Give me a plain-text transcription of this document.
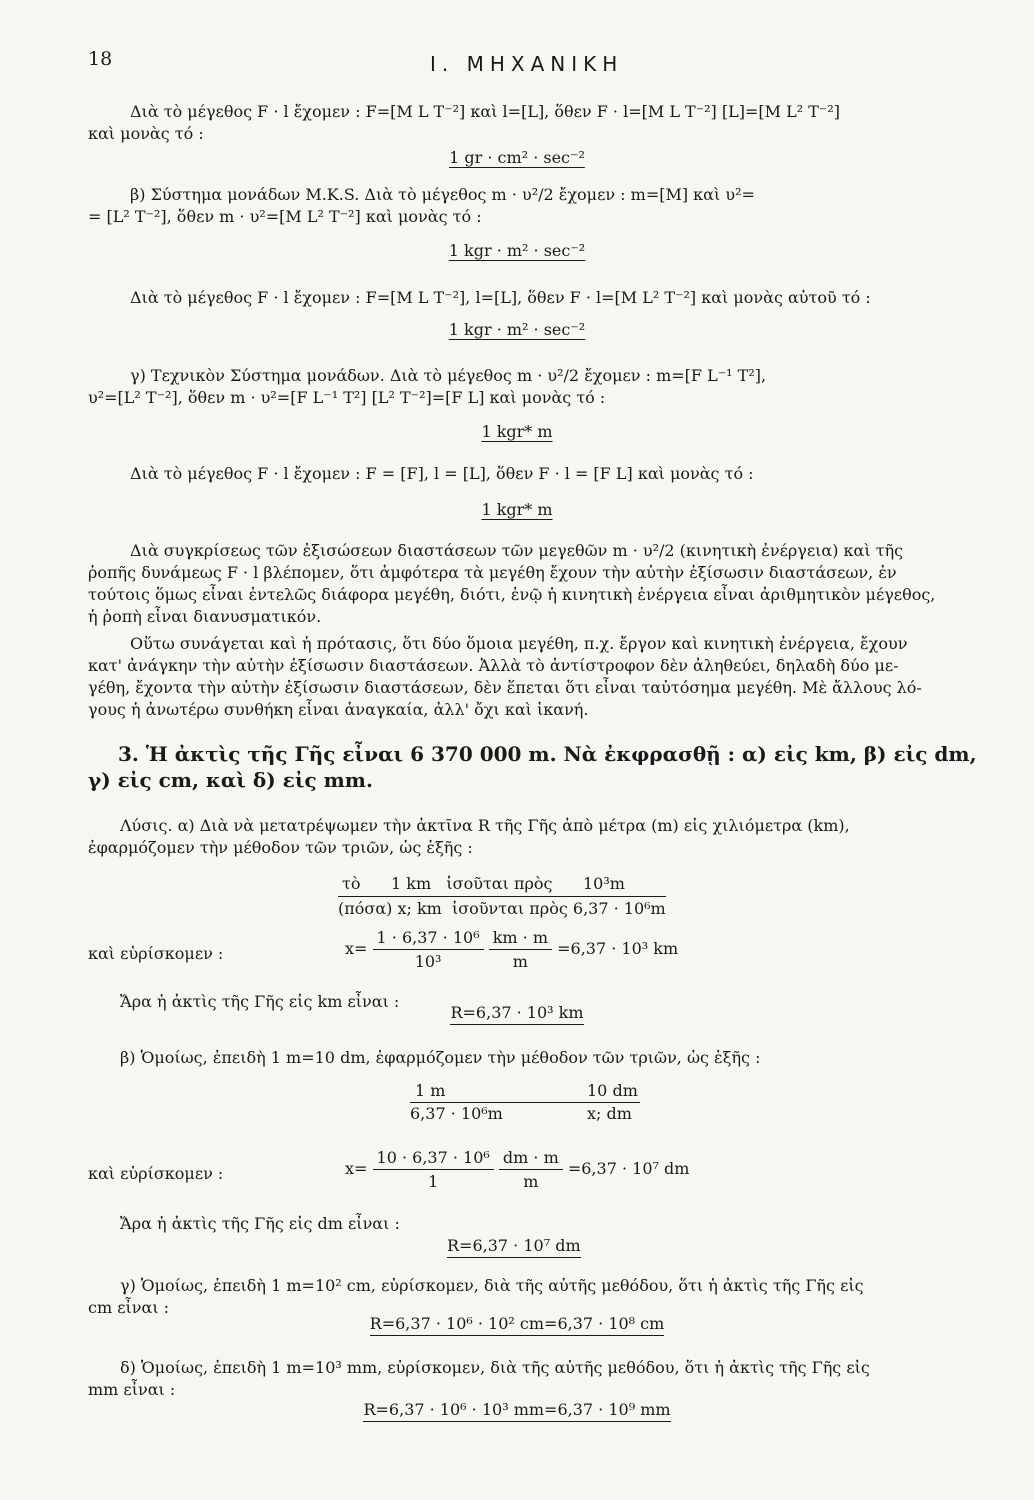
18	I. ΜΗΧΑΝΙΚΗ
Διὰ τὸ μέγεθος F · l ἔχομεν : F=[M L T⁻²] καὶ l=[L], ὅθεν F · l=[M L T⁻²] [L]=[M L² T⁻²]
καὶ μονὰς τό :
1 gr · cm² · sec⁻²
β) Σύστημα μονάδων M.K.S. Διὰ τὸ μέγεθος m · υ²/2 ἔχομεν : m=[M] καὶ υ²=
= [L² T⁻²], ὅθεν m · υ²=[M L² T⁻²] καὶ μονὰς τό :
1 kgr · m² · sec⁻²
Διὰ τὸ μέγεθος F · l ἔχομεν : F=[M L T⁻²], l=[L], ὅθεν F · l=[M L² T⁻²] καὶ μονὰς αὐτοῦ τό :
1 kgr · m² · sec⁻²
γ) Τεχνικὸν Σύστημα μονάδων. Διὰ τὸ μέγεθος m · υ²/2 ἔχομεν : m=[F L⁻¹ T²],
υ²=[L² T⁻²], ὅθεν m · υ²=[F L⁻¹ T²] [L² T⁻²]=[F L] καὶ μονὰς τό :
1 kgr* m
Διὰ τὸ μέγεθος F · l ἔχομεν : F = [F], l = [L], ὅθεν F · l = [F L] καὶ μονὰς τό :
1 kgr* m
Διὰ συγκρίσεως τῶν ἐξισώσεων διαστάσεων τῶν μεγεθῶν m · υ²/2 (κινητικὴ ἐνέργεια) καὶ τῆς
ῥοπῆς δυνάμεως F · l βλέπομεν, ὅτι ἀμφότερα τὰ μεγέθη ἔχουν τὴν αὐτὴν ἐξίσωσιν διαστάσεων, ἐν
τούτοις ὅμως εἶναι ἐντελῶς διάφορα μεγέθη, διότι, ἐνῷ ἡ κινητικὴ ἐνέργεια εἶναι ἀριθμητικὸν μέγεθος,
ἡ ῥοπὴ εἶναι διανυσματικόν.
Οὕτω συνάγεται καὶ ἡ πρότασις, ὅτι δύο ὅμοια μεγέθη, π.χ. ἔργον καὶ κινητικὴ ἐνέργεια, ἔχουν
κατ' ἀνάγκην τὴν αὐτὴν ἐξίσωσιν διαστάσεων. Ἀλλὰ τὸ ἀντίστροφον δὲν ἀληθεύει, δηλαδὴ δύο με-
γέθη, ἔχοντα τὴν αὐτὴν ἐξίσωσιν διαστάσεων, δὲν ἕπεται ὅτι εἶναι ταὐτόσημα μεγέθη. Μὲ ἄλλους λό-
γους ἡ ἀνωτέρω συνθήκη εἶναι ἀναγκαία, ἀλλ' ὄχι καὶ ἱκανή.
3. Ἡ ἀκτὶς τῆς Γῆς εἶναι 6 370 000 m. Νὰ ἐκφρασθῇ : α) εἰς km, β) εἰς dm,
γ) εἰς cm, καὶ δ) εἰς mm.
Λύσις. α) Διὰ νὰ μετατρέψωμεν τὴν ἀκτῖνα R τῆς Γῆς ἀπὸ μέτρα (m) εἰς χιλιόμετρα (km),
ἐφαρμόζομεν τὴν μέθοδον τῶν τριῶν, ὡς ἑξῆς :
τὸ      1 km   ἰσοῦται πρὸς      10³m
(πόσα) x; km  ἰσοῦνται πρὸς 6,37 · 10⁶m
καὶ εὑρίσκομεν :	$x= \frac{\text{1 · 6,37 · 10⁶}}{\text{10³}}$
$\frac{km \cdot m}{m} =6,37 \cdot 10^3$ km
Ἄρα ἡ ἀκτὶς τῆς Γῆς εἰς km εἶναι :
R=6,37 · 10³ km
β) Ὁμοίως, ἐπειδὴ 1 m=10 dm, ἐφαρμόζομεν τὴν μέθοδον τῶν τριῶν, ὡς ἑξῆς :
1 m	10 dm
6,37 · 10⁶m	x; dm
καὶ εὑρίσκομεν :	$x= \frac{\text{10 · 6,37 · 10⁶}}{1}$
$\frac{dm \cdot m}{m} =6,37 \cdot 10^7$ dm
Ἄρα ἡ ἀκτὶς τῆς Γῆς εἰς dm εἶναι :
R=6,37 · 10⁷ dm
γ) Ὁμοίως, ἐπειδὴ 1 m=10² cm, εὑρίσκομεν, διὰ τῆς αὐτῆς μεθόδου, ὅτι ἡ ἀκτὶς τῆς Γῆς εἰς
cm εἶναι :
R=6,37 · 10⁶ · 10² cm=6,37 · 10⁸ cm
δ) Ὁμοίως, ἐπειδὴ 1 m=10³ mm, εὑρίσκομεν, διὰ τῆς αὐτῆς μεθόδου, ὅτι ἡ ἀκτὶς τῆς Γῆς εἰς
mm εἶναι :
R=6,37 · 10⁶ · 10³ mm=6,37 · 10⁹ mm
